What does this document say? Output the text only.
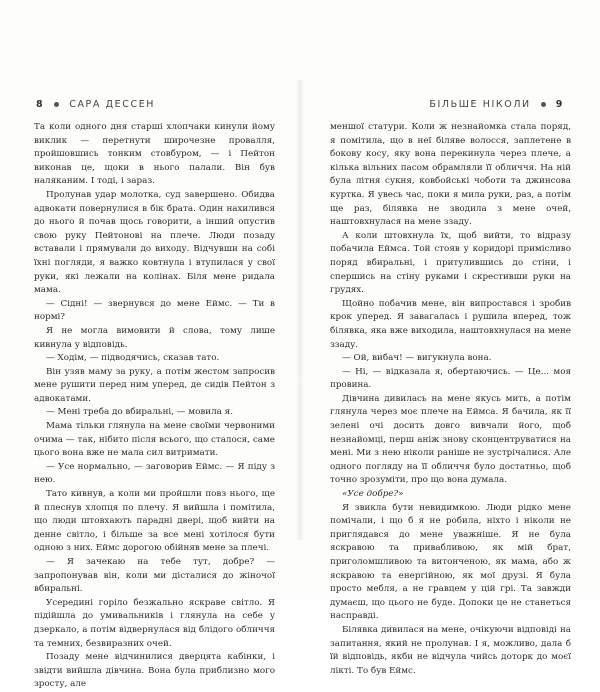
8	САРА ДЕССЕН

Та коли одного дня старші хлопчаки кинули йому виклик — перетнути широчезне провалля, пройшовшись тонким стовбуром, — і Пейтон виконав це, щоки в нього палали. Він був наляканим. І тоді, і зараз.

Пролунав удар молотка, суд завершено. Обидва адвокати повернулися в бік брата. Один нахилився до нього й почав щось говорити, а інший опустив свою руку Пейтонові на плече. Люди позаду вставали і прямували до виходу. Відчувши на собі їхні погляди, я важко ковтнула і втупилася у свої руки, які лежали на колінах. Біля мене ридала мама.

— Сідні! — звернувся до мене Еймс. — Ти в нормі?

Я не могла вимовити й слова, тому лише кивнула у відповідь.

— Ходім, — підводячись, сказав тато.

Він узяв маму за руку, а потім жестом запросив мене рушити перед ним уперед, де сидів Пейтон з адвокатами.

— Мені треба до вбиральні, — мовила я.

Мама тільки глянула на мене своїми червоними очима — так, нібито після всього, що сталося, саме цього вона вже не мала сил витримати.

— Усе нормально, — заговорив Еймс. — Я піду з нею.

Тато кивнув, а коли ми пройшли повз нього, ще й плеснув хлопця по плечу. Я вийшла і помітила, що люди штовхають парадні двері, щоб вийти на денне світло, і більше за все мені хотілося бути одною з них. Еймс дорогою обійняв мене за плечі.

— Я зачекаю на тебе тут, добре? — запропонував він, коли ми дісталися до жіночої вбиральні.

Усередині горіло безжально яскраве світло. Я підійшла до умивальників і глянула на себе у дзеркало, а потім відвернулася від блідого обличчя та темних, безвиразних очей.

Позаду мене відчинилися дверцята кабінки, і звідти вийшла дівчина. Вона була приблизно мого зросту, але

БІЛЬШЕ НІКОЛИ	9

меншої статури. Коли ж незнайомка стала поряд, я помітила, що в неї біляве волосся, заплетене в бокову косу, яку вона перекинула через плече, а кілька вільних пасом обрамляли її обличчя. На ній була літня сукня, ковбойські чоботи та джинсова куртка. Я увесь час, поки я мила руки, раз, а потім ще раз, білявка не зводила з мене очей, наштовхнулася на мене ззаду.

А коли штовхнула їх, щоб вийти, то відразу побачила Еймса. Той стояв у коридорі примісливо поряд вбиральні, і притулившись до стіни, і спершись на стіну руками і скрестивши руки на грудях.

Щойно побачив мене, він випростався і зробив крок уперед. Я завагалась і рушила вперед, тож білявка, яка вже виходила, наштовхнулася на мене ззаду.

— Ой, вибач! — вигукнула вона.

— Ні, — відказала я, обертаючись. — Це... моя провина.

Дівчина дивилась на мене якусь мить, а потім глянула через моє плече на Еймса. Я бачила, як її зелені очі досить довго вивчали його, щоб незнайомці, перш аніж знову сконцентруватися на мені. Ми з нею ніколи раніше не зустрічалися. Але одного погляду на її обличчя було достатньо, щоб точно зрозуміти, про що вона думала.

«Усе добре?»

Я звикла бути невидимкою. Люди рідко мене помічали, і що б я не робила, ніхто і ніколи не приглядався до мене уважніше. Я не була яскравою та привабливою, як мій брат, приголомшливою та витонченою, як мама, або ж яскравою та енергійною, як мої друзі. Я була просто мебля, а не гравцем у цій грі. Та завжди думаєш, що цього не буде. Допоки це не станеться насправді.

Білявка дивилася на мене, очікуючи відповіді на запитання, який не пролунав. І я, можливо, дала б їй відповідь, якби не відчула чийсь доторк до моєї лікті. То був Еймс.
